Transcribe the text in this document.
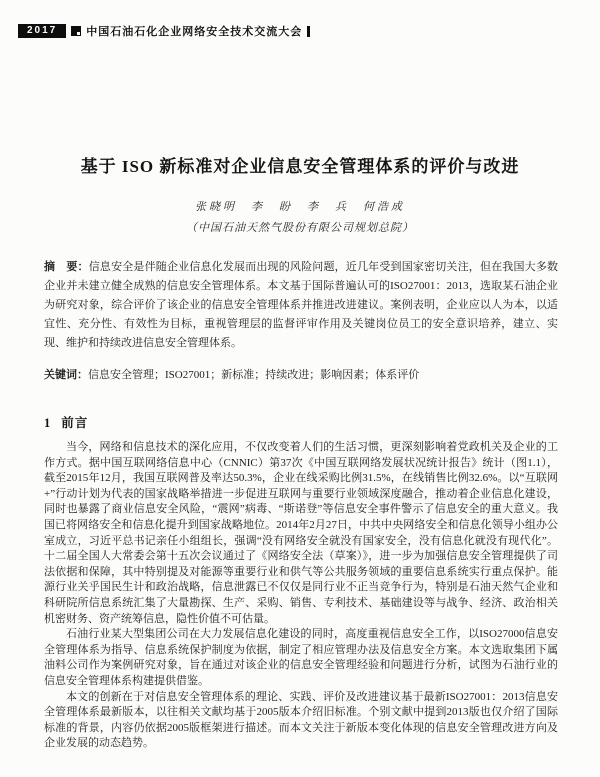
2017	中国石油石化企业网络安全技术交流大会
基于 ISO 新标准对企业信息安全管理体系的评价与改进
张晓明　李　盼　李　兵　何浩成
（中国石油天然气股份有限公司规划总院）
摘　要：信息安全是伴随企业信息化发展而出现的风险问题，近几年受到国家密切关注，但在我国大多数企业并未建立健全成熟的信息安全管理体系。本文基于国际普遍认可的ISO27001：2013，选取某石油企业为研究对象，综合评价了该企业的信息安全管理体系并推进改进建议。案例表明，企业应以人为本，以适宜性、充分性、有效性为目标，重视管理层的监督评审作用及关键岗位员工的安全意识培养，建立、实现、维护和持续改进信息安全管理体系。
关键词：信息安全管理；ISO27001；新标准；持续改进；影响因素；体系评价
1 前言

当今，网络和信息技术的深化应用，不仅改变着人们的生活习惯，更深刻影响着党政机关及企业的工作方式。据中国互联网络信息中心（CNNIC）第37次《中国互联网络发展状况统计报告》统计（图1.1），截至2015年12月，我国互联网普及率达50.3%，企业在线采购比例31.5%，在线销售比例32.6%。以“互联网+”行动计划为代表的国家战略举措进一步促进互联网与重要行业领域深度融合，推动着企业信息化建设，同时也暴露了商业信息安全风险，“震网”病毒、“斯诺登”等信息安全事件警示了信息安全的重大意义。我国已将网络安全和信息化提升到国家战略地位。2014年2月27日，中共中央网络安全和信息化领导小组办公室成立，习近平总书记亲任小组组长，强调“没有网络安全就没有国家安全，没有信息化就没有现代化”。十二届全国人大常委会第十五次会议通过了《网络安全法（草案）》，进一步为加强信息安全管理提供了司法依据和保障，其中特别提及对能源等重要行业和供气等公共服务领域的重要信息系统实行重点保护。能源行业关乎国民生计和政治战略，信息泄露已不仅仅是同行业不正当竞争行为，特别是石油天然气企业和科研院所信息系统汇集了大量勘探、生产、采购、销售、专利技术、基础建设等与战争、经济、政治相关机密财务、资产统筹信息，隐性价值不可估量。

石油行业某大型集团公司在大力发展信息化建设的同时，高度重视信息安全工作，以ISO27000信息安全管理体系为指导、信息系统保护制度为依据，制定了相应管理办法及信息安全方案。本文选取集团下属油料公司作为案例研究对象，旨在通过对该企业的信息安全管理经验和问题进行分析，试图为石油行业的信息安全管理体系构建提供借鉴。

本文的创新在于对信息安全管理体系的理论、实践、评价及改进建议基于最新ISO27001：2013信息安全管理体系最新版本，以往相关文献均基于2005版本介绍旧标准。个别文献中提到2013版也仅介绍了国际标准的背景，内容仍依据2005版框架进行描述。而本文关注于新版本变化体现的信息安全管理改进方向及企业发展的动态趋势。
